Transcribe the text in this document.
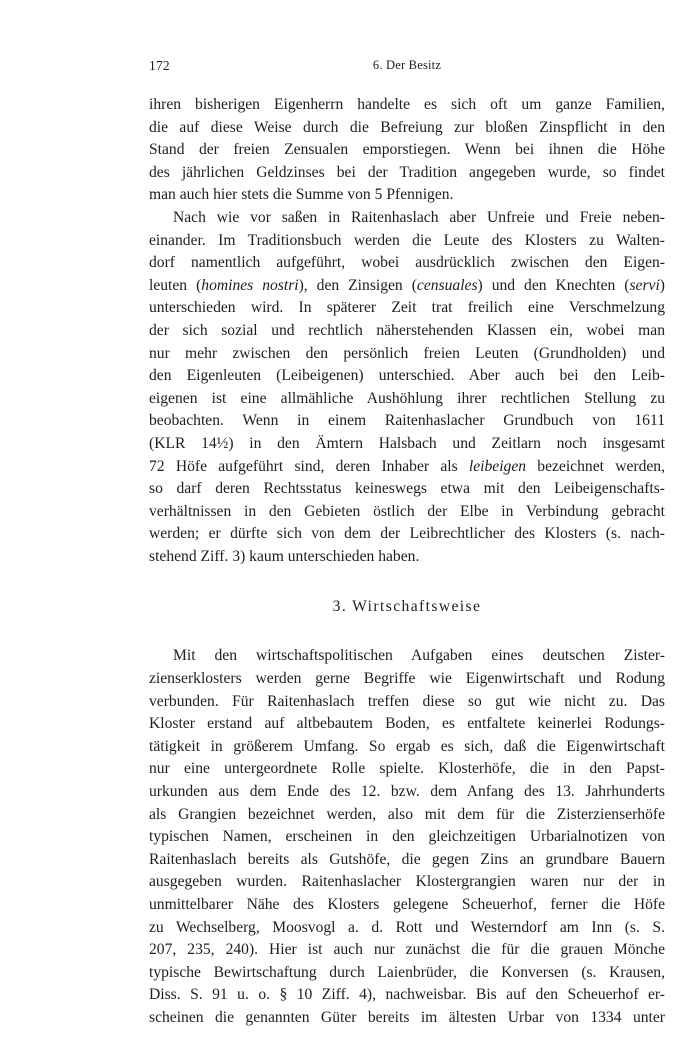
172	6. Der Besitz

ihren bisherigen Eigenherrn handelte es sich oft um ganze Familien,
die auf diese Weise durch die Befreiung zur bloßen Zinspflicht in den
Stand der freien Zensualen emporstiegen. Wenn bei ihnen die Höhe
des jährlichen Geldzinses bei der Tradition angegeben wurde, so findet
man auch hier stets die Summe von 5 Pfennigen.

Nach wie vor saßen in Raitenhaslach aber Unfreie und Freie neben-
einander. Im Traditionsbuch werden die Leute des Klosters zu Walten-
dorf namentlich aufgeführt, wobei ausdrücklich zwischen den Eigen-
leuten (homines nostri), den Zinsigen (censuales) und den Knechten (servi)
unterschieden wird. In späterer Zeit trat freilich eine Verschmelzung
der sich sozial und rechtlich näherstehenden Klassen ein, wobei man
nur mehr zwischen den persönlich freien Leuten (Grundholden) und
den Eigenleuten (Leibeigenen) unterschied. Aber auch bei den Leib-
eigenen ist eine allmähliche Aushöhlung ihrer rechtlichen Stellung zu
beobachten. Wenn in einem Raitenhaslacher Grundbuch von 1611
(KLR 14½) in den Ämtern Halsbach und Zeitlarn noch insgesamt
72 Höfe aufgeführt sind, deren Inhaber als leibeigen bezeichnet werden,
so darf deren Rechtsstatus keineswegs etwa mit den Leibeigenschafts-
verhältnissen in den Gebieten östlich der Elbe in Verbindung gebracht
werden; er dürfte sich von dem der Leibrechtlicher des Klosters (s. nach-
stehend Ziff. 3) kaum unterschieden haben.

3. Wirtschaftsweise

Mit den wirtschaftspolitischen Aufgaben eines deutschen Zister-
zienserklosters werden gerne Begriffe wie Eigenwirtschaft und Rodung
verbunden. Für Raitenhaslach treffen diese so gut wie nicht zu. Das
Kloster erstand auf altbebautem Boden, es entfaltete keinerlei Rodungs-
tätigkeit in größerem Umfang. So ergab es sich, daß die Eigenwirtschaft
nur eine untergeordnete Rolle spielte. Klosterhöfe, die in den Papst-
urkunden aus dem Ende des 12. bzw. dem Anfang des 13. Jahrhunderts
als Grangien bezeichnet werden, also mit dem für die Zisterzienserhöfe
typischen Namen, erscheinen in den gleichzeitigen Urbarialnotizen von
Raitenhaslach bereits als Gutshöfe, die gegen Zins an grundbare Bauern
ausgegeben wurden. Raitenhaslacher Klostergrangien waren nur der in
unmittelbarer Nähe des Klosters gelegene Scheuerhof, ferner die Höfe
zu Wechselberg, Moosvogl a. d. Rott und Westerndorf am Inn (s. S.
207, 235, 240). Hier ist auch nur zunächst die für die grauen Mönche
typische Bewirtschaftung durch Laienbrüder, die Konversen (s. Krausen,
Diss. S. 91 u. o. § 10 Ziff. 4), nachweisbar. Bis auf den Scheuerhof er-
scheinen die genannten Güter bereits im ältesten Urbar von 1334 unter
